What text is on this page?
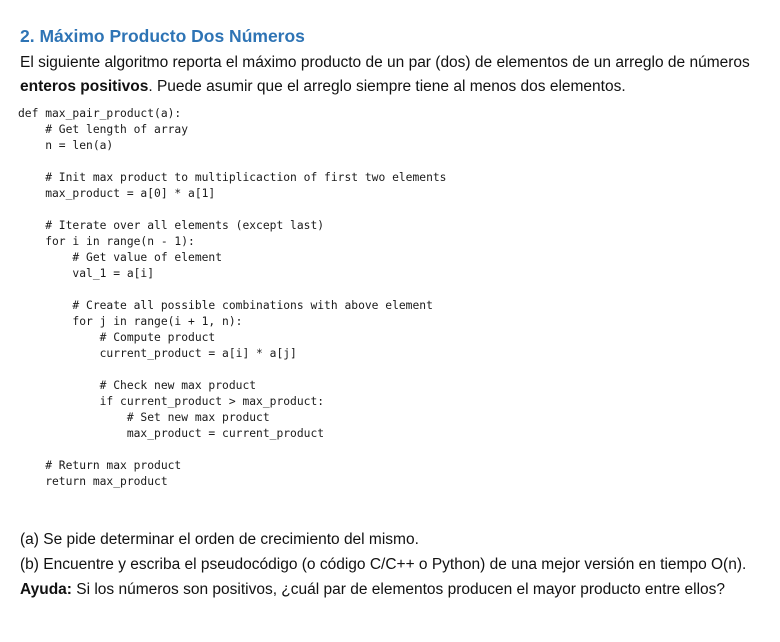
2. Máximo Producto Dos Números
El siguiente algoritmo reporta el máximo producto de un par (dos) de elementos de un arreglo de números enteros positivos. Puede asumir que el arreglo siempre tiene al menos dos elementos.
def max_pair_product(a):
# Get length of array
n = len(a)
# Init max product to multiplicaction of first two elements
max_product = a[0] * a[1]
# Iterate over all elements (except last)
for i in range(n - 1):
# Get value of element
val_1 = a[i]
# Create all possible combinations with above element
for j in range(i + 1, n):
# Compute product
current_product = a[i] * a[j]
# Check new max product
if current_product > max_product:
# Set new max product
max_product = current_product
# Return max product
return max_product
(a) Se pide determinar el orden de crecimiento del mismo.
(b) Encuentre y escriba el pseudocódigo (o código C/C++ o Python) de una mejor versión en tiempo O(n).
Ayuda: Si los números son positivos, ¿cuál par de elementos producen el mayor producto entre ellos?
